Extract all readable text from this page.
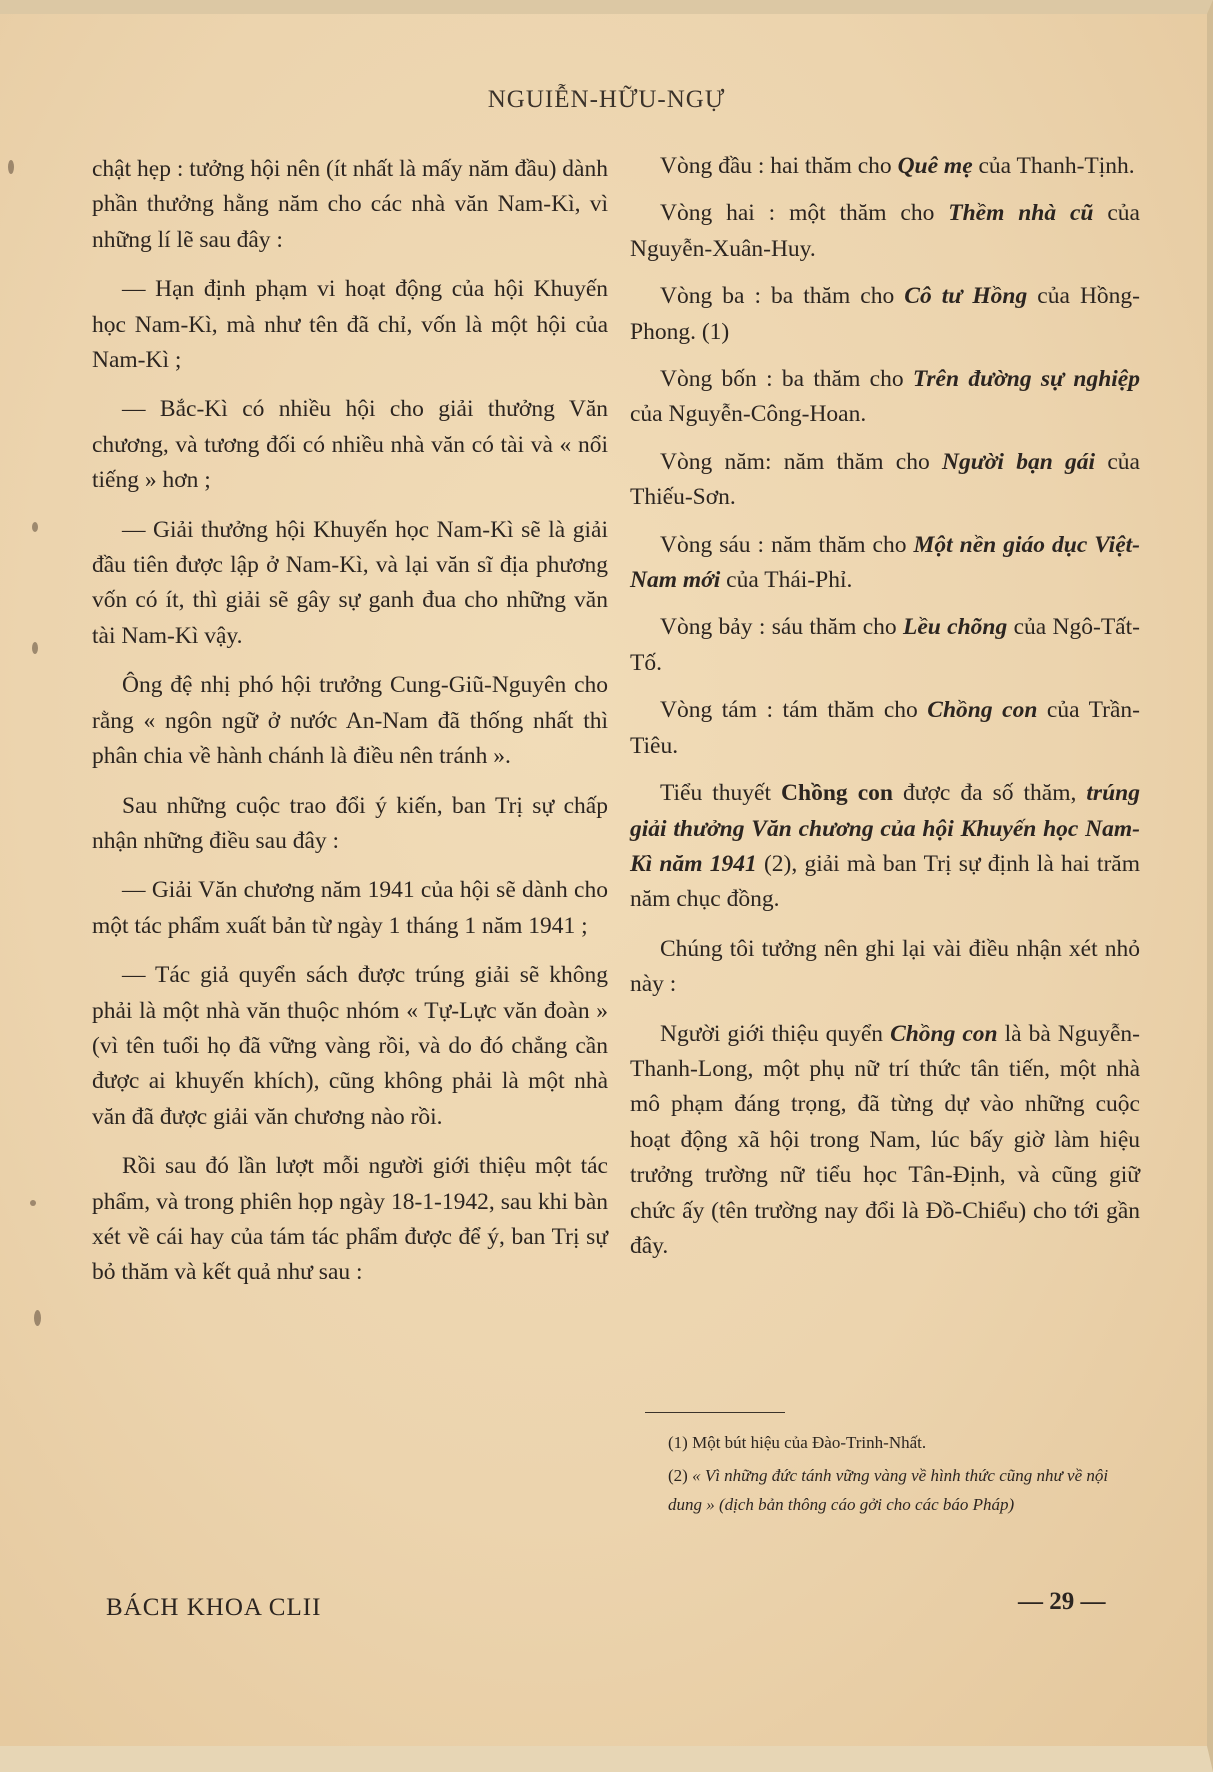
NGUIỄN-HỮU-NGỰ

chật hẹp : tưởng hội nên (ít nhất là mấy năm đầu) dành phần thưởng hằng năm cho các nhà văn Nam-Kì, vì những lí lẽ sau đây :

— Hạn định phạm vi hoạt động của hội Khuyến học Nam-Kì, mà như tên đã chỉ, vốn là một hội của Nam-Kì ;

— Bắc-Kì có nhiều hội cho giải thưởng Văn chương, và tương đối có nhiều nhà văn có tài và « nổi tiếng » hơn ;

— Giải thưởng hội Khuyến học Nam-Kì sẽ là giải đầu tiên được lập ở Nam-Kì, và lại văn sĩ địa phương vốn có ít, thì giải sẽ gây sự ganh đua cho những văn tài Nam-Kì vậy.

Ông đệ nhị phó hội trưởng Cung-Giũ-Nguyên cho rằng « ngôn ngữ ở nước An-Nam đã thống nhất thì phân chia về hành chánh là điều nên tránh ».

Sau những cuộc trao đổi ý kiến, ban Trị sự chấp nhận những điều sau đây :

— Giải Văn chương năm 1941 của hội sẽ dành cho một tác phẩm xuất bản từ ngày 1 tháng 1 năm 1941 ;

— Tác giả quyển sách được trúng giải sẽ không phải là một nhà văn thuộc nhóm « Tự-Lực văn đoàn » (vì tên tuổi họ đã vững vàng rồi, và do đó chẳng cần được ai khuyến khích), cũng không phải là một nhà văn đã được giải văn chương nào rồi.

Rồi sau đó lần lượt mỗi người giới thiệu một tác phẩm, và trong phiên họp ngày 18-1-1942, sau khi bàn xét về cái hay của tám tác phẩm được để ý, ban Trị sự bỏ thăm và kết quả như sau :

Vòng đầu : hai thăm cho Quê mẹ của Thanh-Tịnh.

Vòng hai : một thăm cho Thềm nhà cũ của Nguyễn-Xuân-Huy.

Vòng ba : ba thăm cho Cô tư Hồng của Hồng-Phong. (1)

Vòng bốn : ba thăm cho Trên đường sự nghiệp của Nguyễn-Công-Hoan.

Vòng năm: năm thăm cho Người bạn gái của Thiếu-Sơn.

Vòng sáu : năm thăm cho Một nền giáo dục Việt-Nam mới của Thái-Phỉ.

Vòng bảy : sáu thăm cho Lều chõng của Ngô-Tất-Tố.

Vòng tám : tám thăm cho Chồng con của Trần-Tiêu.

Tiểu thuyết Chồng con được đa số thăm, trúng giải thưởng Văn chương của hội Khuyến học Nam-Kì năm 1941 (2), giải mà ban Trị sự định là hai trăm năm chục đồng.

Chúng tôi tưởng nên ghi lại vài điều nhận xét nhỏ này :

Người giới thiệu quyển Chồng con là bà Nguyễn-Thanh-Long, một phụ nữ trí thức tân tiến, một nhà mô phạm đáng trọng, đã từng dự vào những cuộc hoạt động xã hội trong Nam, lúc bấy giờ làm hiệu trưởng trường nữ tiểu học Tân-Định, và cũng giữ chức ấy (tên trường nay đổi là Đồ-Chiểu) cho tới gần đây.

(1) Một bút hiệu của Đào-Trinh-Nhất.

(2) « Vì những đức tánh vững vàng về hình thức cũng như về nội dung » (dịch bản thông cáo gởi cho các báo Pháp)

BÁCH KHOA CLII	— 29 —
